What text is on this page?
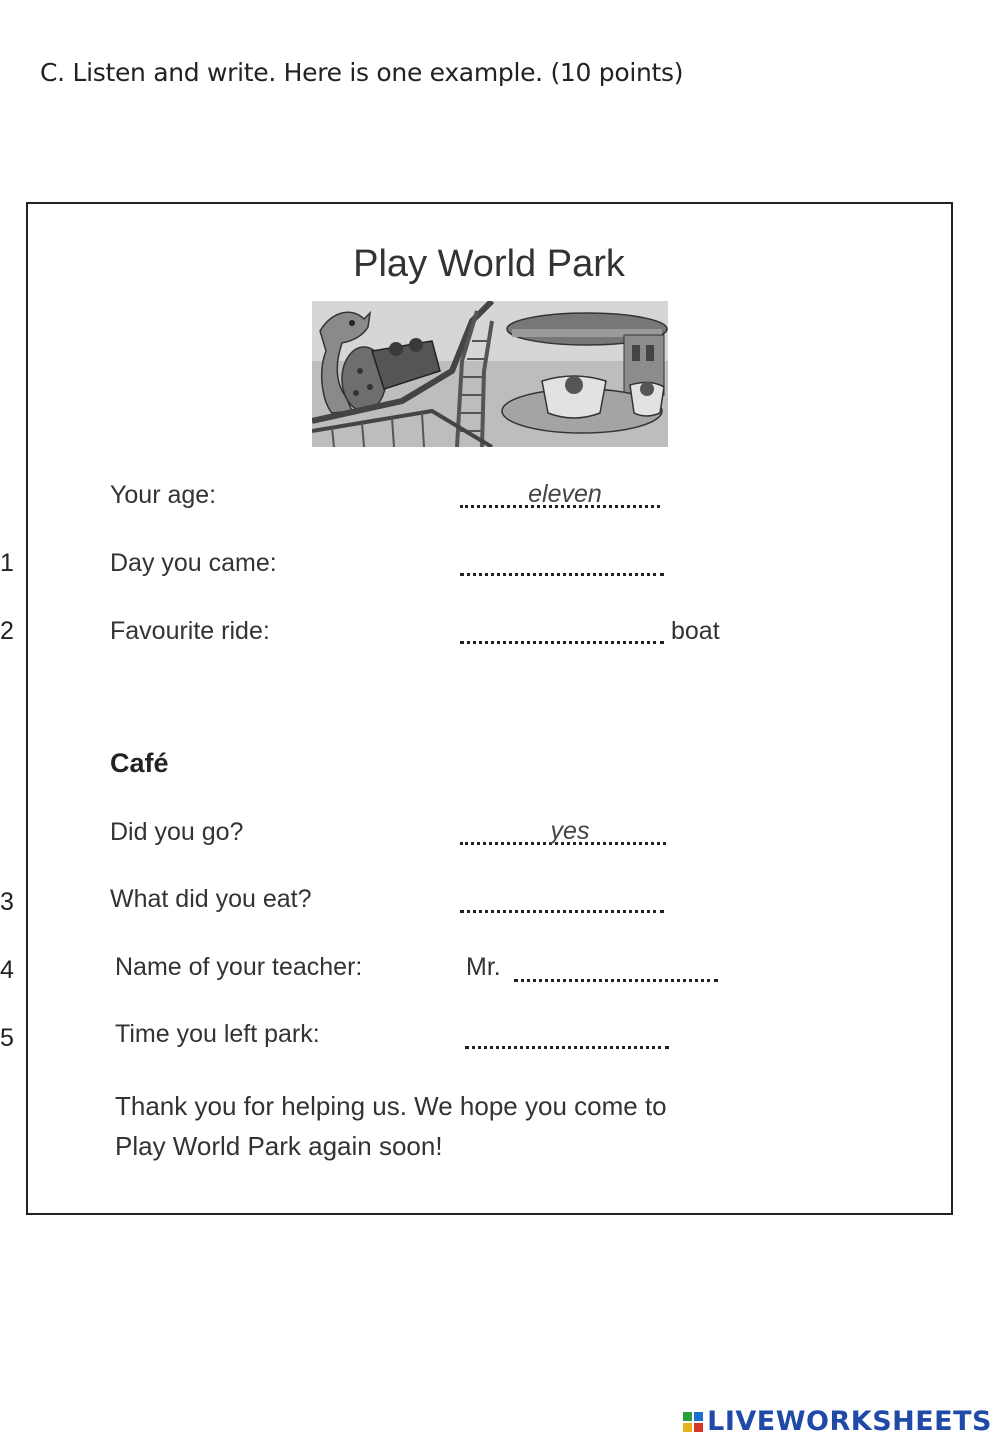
C. Listen and write. Here is one example. (10 points)
Play World Park
Your age:	eleven
1	Day you came:
2	Favourite ride:	boat
Café
Did you go?	yes
3	What did you eat?
4	Name of your teacher:	Mr.
5	Time you left park:
Thank you for helping us. We hope you come to
Play World Park again soon!
LIVEWORKSHEETS
